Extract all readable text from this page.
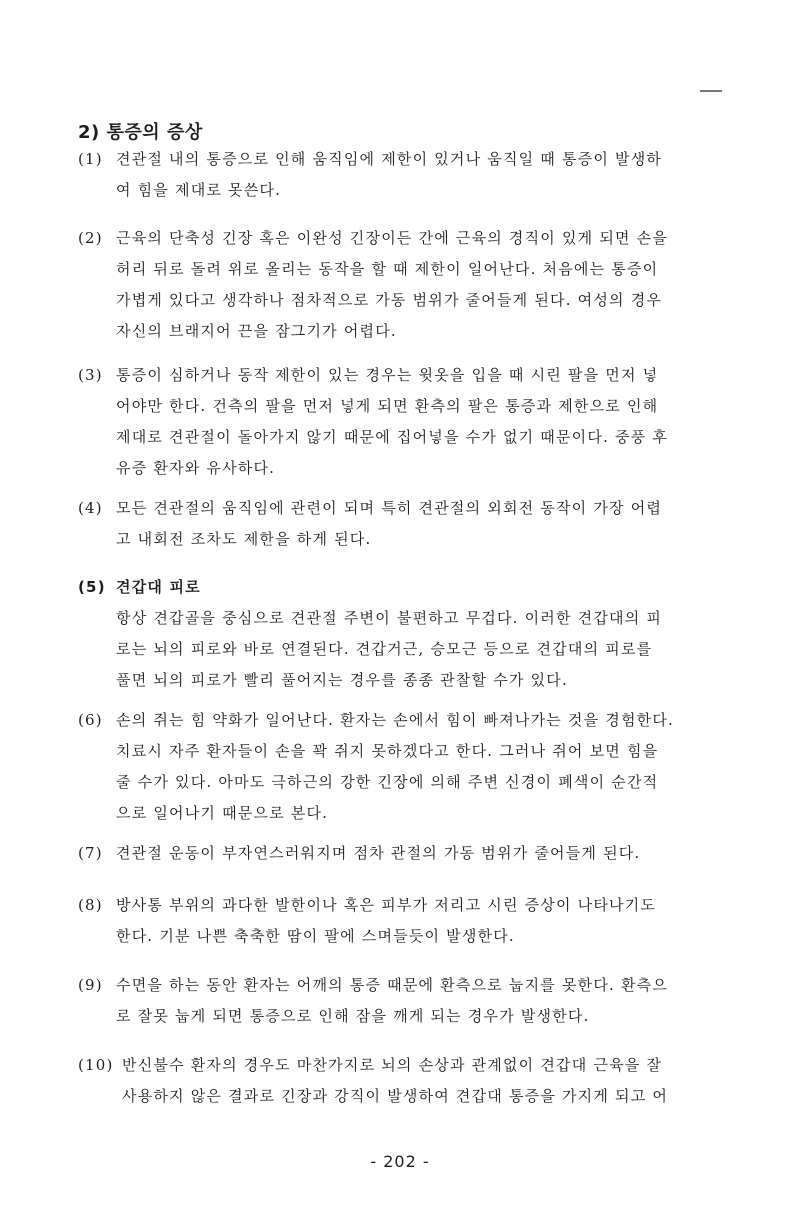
2) 통증의 증상
(1) 견관절 내의 통증으로 인해 움직임에 제한이 있거나 움직일 때 통증이 발생하
여 힘을 제대로 못쓴다.
(2) 근육의 단축성 긴장 혹은 이완성 긴장이든 간에 근육의 경직이 있게 되면 손을
허리 뒤로 돌려 위로 올리는 동작을 할 때 제한이 일어난다. 처음에는 통증이
가볍게 있다고 생각하나 점차적으로 가동 범위가 줄어들게 된다. 여성의 경우
자신의 브래지어 끈을 잠그기가 어렵다.
(3) 통증이 심하거나 동작 제한이 있는 경우는 윗옷을 입을 때 시린 팔을 먼저 넣
어야만 한다. 건측의 팔을 먼저 넣게 되면 환측의 팔은 통증과 제한으로 인해
제대로 견관절이 돌아가지 않기 때문에 집어넣을 수가 없기 때문이다. 중풍 후
유증 환자와 유사하다.
(4) 모든 견관절의 움직임에 관련이 되며 특히 견관절의 외회전 동작이 가장 어렵
고 내회전 조차도 제한을 하게 된다.
(5) 견갑대 피로
항상 견갑골을 중심으로 견관절 주변이 불편하고 무겁다. 이러한 견갑대의 피
로는 뇌의 피로와 바로 연결된다. 견갑거근, 승모근 등으로 견갑대의 피로를
풀면 뇌의 피로가 빨리 풀어지는 경우를 종종 관찰할 수가 있다.
(6) 손의 쥐는 힘 약화가 일어난다. 환자는 손에서 힘이 빠져나가는 것을 경험한다.
치료시 자주 환자들이 손을 꽉 쥐지 못하겠다고 한다. 그러나 쥐어 보면 힘을
줄 수가 있다. 아마도 극하근의 강한 긴장에 의해 주변 신경이 폐색이 순간적
으로 일어나기 때문으로 본다.
(7) 견관절 운동이 부자연스러워지며 점차 관절의 가동 범위가 줄어들게 된다.
(8) 방사통 부위의 과다한 발한이나 혹은 피부가 저리고 시린 증상이 나타나기도
한다. 기분 나쁜 축축한 땀이 팔에 스며들듯이 발생한다.
(9) 수면을 하는 동안 환자는 어깨의 통증 때문에 환측으로 눕지를 못한다. 환측으
로 잘못 눕게 되면 통증으로 인해 잠을 깨게 되는 경우가 발생한다.
(10) 반신불수 환자의 경우도 마찬가지로 뇌의 손상과 관계없이 견갑대 근육을 잘
사용하지 않은 결과로 긴장과 강직이 발생하여 견갑대 통증을 가지게 되고 어
- 202 -
